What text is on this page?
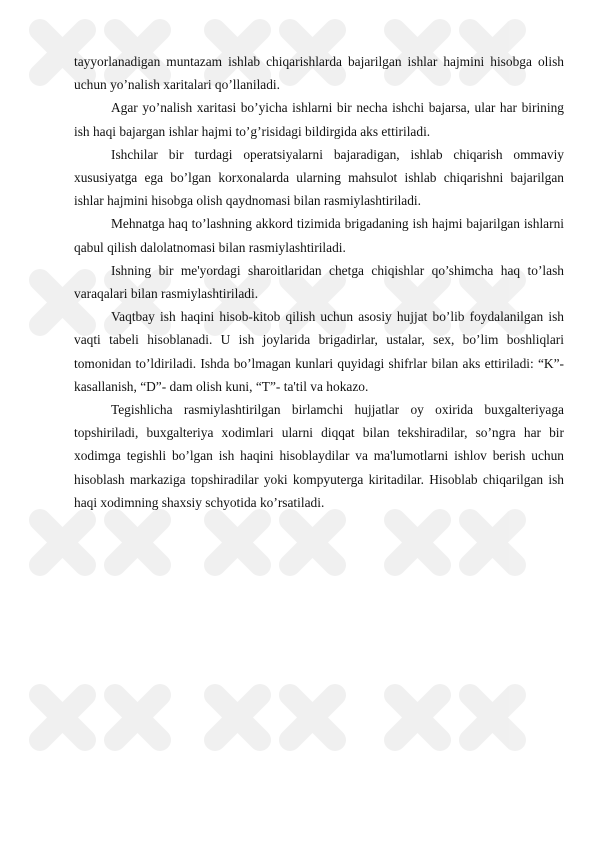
tayyorlanadigan muntazam ishlab chiqarishlarda bajarilgan ishlar hajmini hisobga olish uchun yo’nalish xaritalari qo’llaniladi.

Agar yo’nalish xaritasi bo’yicha ishlarni bir necha ishchi bajarsa, ular har birining ish haqi bajargan ishlar hajmi to’g’risidagi bildirgida aks ettiriladi.

Ishchilar bir turdagi operatsiyalarni bajaradigan, ishlab chiqarish ommaviy xususiyatga ega bo’lgan korxonalarda ularning mahsulot ishlab chiqarishni bajarilgan ishlar hajmini hisobga olish qaydnomasi bilan rasmiylashtiriladi.

Mehnatga haq to’lashning akkord tizimida brigadaning ish hajmi bajarilgan ishlarni qabul qilish dalolatnomasi bilan rasmiylashtiriladi.

Ishning bir me'yordagi sharoitlaridan chetga chiqishlar qo’shimcha haq to’lash varaqalari bilan rasmiylashtiriladi.

Vaqtbay ish haqini hisob-kitob qilish uchun asosiy hujjat bo’lib foydalanilgan ish vaqti tabeli hisoblanadi. U ish joylarida brigadirlar, ustalar, sex, bo’lim boshliqlari tomonidan to’ldiriladi. Ishda bo’lmagan kunlari quyidagi shifrlar bilan aks ettiriladi: “K”- kasallanish, “D”- dam olish kuni, “T”- ta'til va hokazo.

Tegishlicha rasmiylashtirilgan birlamchi hujjatlar oy oxirida buxgalteriyaga topshiriladi, buxgalteriya xodimlari ularni diqqat bilan tekshiradilar, so’ngra har bir xodimga tegishli bo’lgan ish haqini hisoblaydilar va ma'lumotlarni ishlov berish uchun hisoblash markaziga topshiradilar yoki kompyuterga kiritadilar. Hisoblab chiqarilgan ish haqi xodimning shaxsiy schyotida ko’rsatiladi.
